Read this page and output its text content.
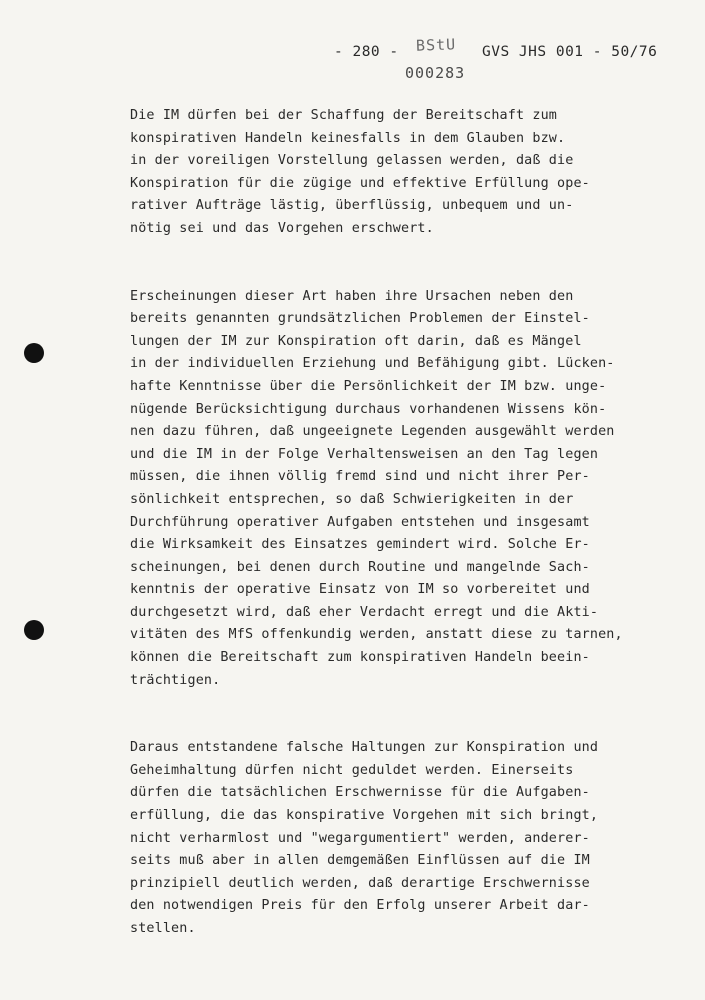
- 280 - BStU
000283
GVS JHS 001 - 50/76
Die IM dürfen bei der Schaffung der Bereitschaft zum
konspirativen Handeln keinesfalls in dem Glauben bzw.
in der voreiligen Vorstellung gelassen werden, daß die
Konspiration für die zügige und effektive Erfüllung ope-
rativer Aufträge lästig, überflüssig, unbequem und un-
nötig sei und das Vorgehen erschwert.
Erscheinungen dieser Art haben ihre Ursachen neben den
bereits genannten grundsätzlichen Problemen der Einstel-
lungen der IM zur Konspiration oft darin, daß es Mängel
in der individuellen Erziehung und Befähigung gibt. Lücken-
hafte Kenntnisse über die Persönlichkeit der IM bzw. unge-
nügende Berücksichtigung durchaus vorhandenen Wissens kön-
nen dazu führen, daß ungeeignete Legenden ausgewählt werden
und die IM in der Folge Verhaltensweisen an den Tag legen
müssen, die ihnen völlig fremd sind und nicht ihrer Per-
sönlichkeit entsprechen, so daß Schwierigkeiten in der
Durchführung operativer Aufgaben entstehen und insgesamt
die Wirksamkeit des Einsatzes gemindert wird. Solche Er-
scheinungen, bei denen durch Routine und mangelnde Sach-
kenntnis der operative Einsatz von IM so vorbereitet und
durchgesetzt wird, daß eher Verdacht erregt und die Akti-
vitäten des MfS offenkundig werden, anstatt diese zu tarnen,
können die Bereitschaft zum konspirativen Handeln beein-
trächtigen.
Daraus entstandene falsche Haltungen zur Konspiration und
Geheimhaltung dürfen nicht geduldet werden. Einerseits
dürfen die tatsächlichen Erschwernisse für die Aufgaben-
erfüllung, die das konspirative Vorgehen mit sich bringt,
nicht verharmlost und "wegargumentiert" werden, anderer-
seits muß aber in allen demgemäßen Einflüssen auf die IM
prinzipiell deutlich werden, daß derartige Erschwernisse
den notwendigen Preis für den Erfolg unserer Arbeit dar-
stellen.
